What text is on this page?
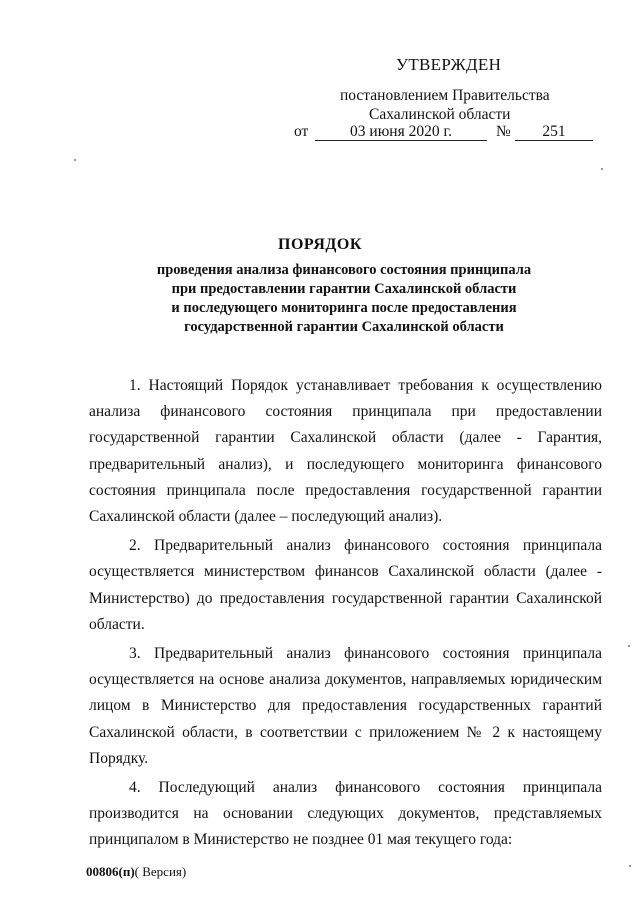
УТВЕРЖДЕН
постановлением Правительства
Сахалинской области
от	03 июня 2020 г.	№	251
ПОРЯДОК
проведения анализа финансового состояния принципала
при предоставлении гарантии Сахалинской области
и последующего мониторинга после предоставления
государственной гарантии Сахалинской области

1. Настоящий Порядок устанавливает требования к осуществлению анализа финансового состояния принципала при предоставлении государственной гарантии Сахалинской области (далее - Гарантия, предварительный анализ), и последующего мониторинга финансового состояния принципала после предоставления государственной гарантии Сахалинской области (далее – последующий анализ).

2. Предварительный анализ финансового состояния принципала осуществляется министерством финансов Сахалинской области (далее - Министерство) до предоставления государственной гарантии Сахалинской области.

3. Предварительный анализ финансового состояния принципала осуществляется на основе анализа документов, направляемых юридическим лицом в Министерство для предоставления государственных гарантий Сахалинской области, в соответствии с приложением № 2 к настоящему Порядку.

4. Последующий анализ финансового состояния принципала производится на основании следующих документов, представляемых принципалом в Министерство не позднее 01 мая текущего года:

00806(п)( Версия)
